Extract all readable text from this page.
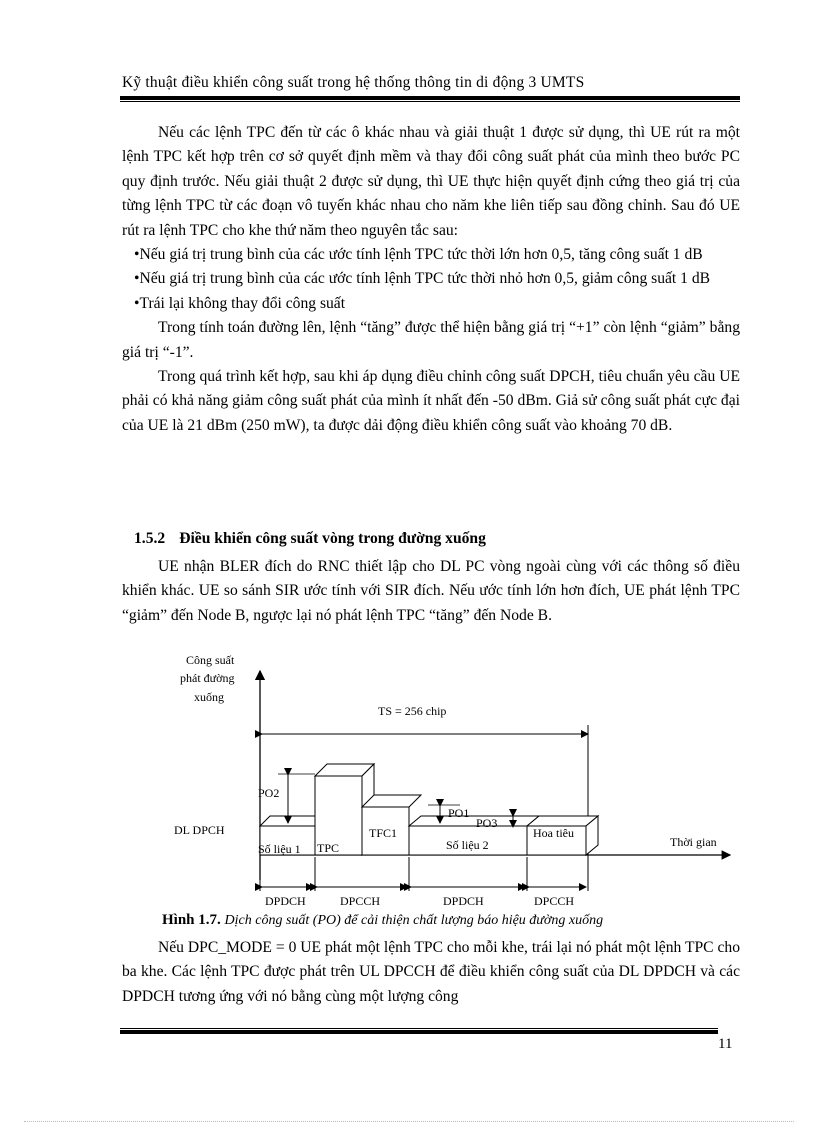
Kỹ thuật điều khiển công suất trong hệ thống thông tin di động 3 UMTS

Nếu các lệnh TPC đến từ các ô khác nhau và giải thuật 1 được sử dụng, thì UE rút ra một lệnh TPC kết hợp trên cơ sở quyết định mềm và thay đổi công suất phát của mình theo bước PC quy định trước. Nếu giải thuật 2 được sử dụng, thì UE thực hiện quyết định cứng theo giá trị của từng lệnh TPC từ các đoạn vô tuyến khác nhau cho năm khe liên tiếp sau đồng chỉnh. Sau đó UE rút ra lệnh TPC cho khe thứ năm theo nguyên tắc sau:

•Nếu giá trị trung bình của các ước tính lệnh TPC tức thời lớn hơn 0,5, tăng công suất 1 dB

•Nếu giá trị trung bình của các ước tính lệnh TPC tức thời nhỏ hơn 0,5, giảm công suất 1 dB

•Trái lại không thay đổi công suất

Trong tính toán đường lên, lệnh “tăng” được thể hiện bằng giá trị “+1” còn lệnh “giảm” bằng giá trị “-1”.

Trong quá trình kết hợp, sau khi áp dụng điều chỉnh công suất DPCH, tiêu chuẩn yêu cầu UE phải có khả năng giảm công suất phát của mình ít nhất đến -50 dBm. Giả sử công suất phát cực đại của UE là 21 dBm (250 mW), ta được dải động điều khiển công suất vào khoảng 70 dB.

1.5.2 Điều khiển công suất vòng trong đường xuống

UE nhận BLER đích do RNC thiết lập cho DL PC vòng ngoài cùng với các thông số điều khiển khác. UE so sánh SIR ước tính với SIR đích. Nếu ước tính lớn hơn đích, UE phát lệnh TPC “giảm” đến Node B, ngược lại nó phát lệnh TPC “tăng” đến Node B.

Công suất
phát đường
xuống
Thời gian
DL DPCH
TS = 256 chip
Số liệu 1 TPC
TFC1
Số liệu 2
Hoa tiêu
PO2
PO1
PO3
DPDCH	DPCCH	DPDCH	DPCCH
Hình 1.7. Dịch công suất (PO) để cải thiện chất lượng báo hiệu đường xuống

Nếu DPC_MODE = 0 UE phát một lệnh TPC cho mỗi khe, trái lại nó phát một lệnh TPC cho ba khe. Các lệnh TPC được phát trên UL DPCCH để điều khiển công suất của DL DPDCH và các DPDCH tương ứng với nó bằng cùng một lượng công

11
